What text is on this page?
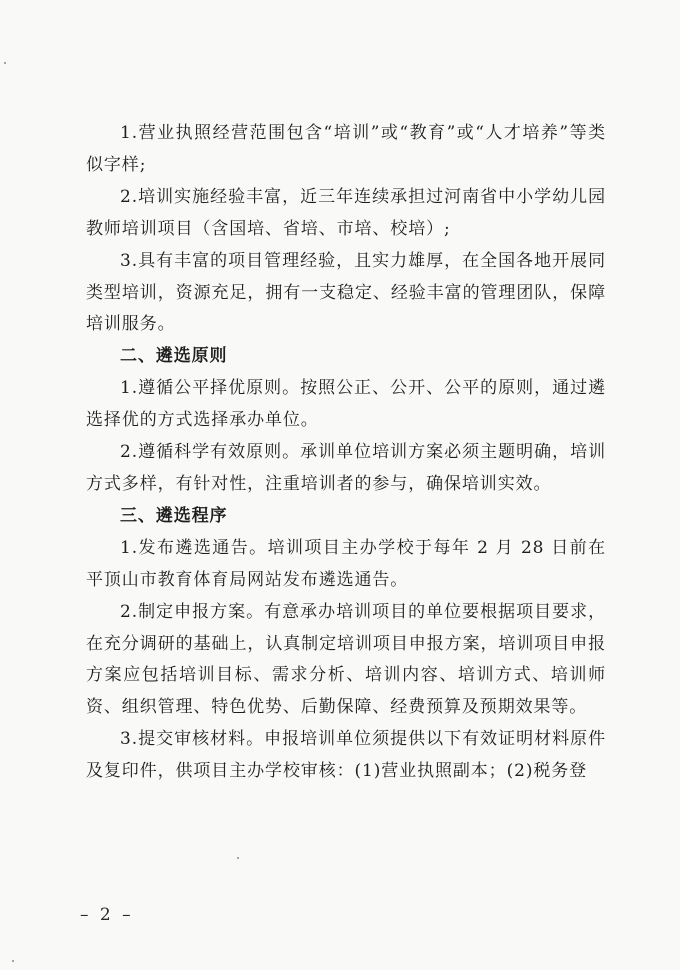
1.营业执照经营范围包含“培训”或“教育”或“人才培养”等类似字样;

2.培训实施经验丰富，近三年连续承担过河南省中小学幼儿园教师培训项目（含国培、省培、市培、校培）;

3.具有丰富的项目管理经验，且实力雄厚，在全国各地开展同类型培训，资源充足，拥有一支稳定、经验丰富的管理团队，保障培训服务。

二、遴选原则

1.遵循公平择优原则。按照公正、公开、公平的原则，通过遴选择优的方式选择承办单位。

2.遵循科学有效原则。承训单位培训方案必须主题明确，培训方式多样，有针对性，注重培训者的参与，确保培训实效。

三、遴选程序

1.发布遴选通告。培训项目主办学校于每年 2 月 28 日前在平顶山市教育体育局网站发布遴选通告。

2.制定申报方案。有意承办培训项目的单位要根据项目要求，在充分调研的基础上，认真制定培训项目申报方案，培训项目申报方案应包括培训目标、需求分析、培训内容、培训方式、培训师资、组织管理、特色优势、后勤保障、经费预算及预期效果等。

3.提交审核材料。申报培训单位须提供以下有效证明材料原件及复印件，供项目主办学校审核：(1)营业执照副本；(2)税务登

– 2 –
